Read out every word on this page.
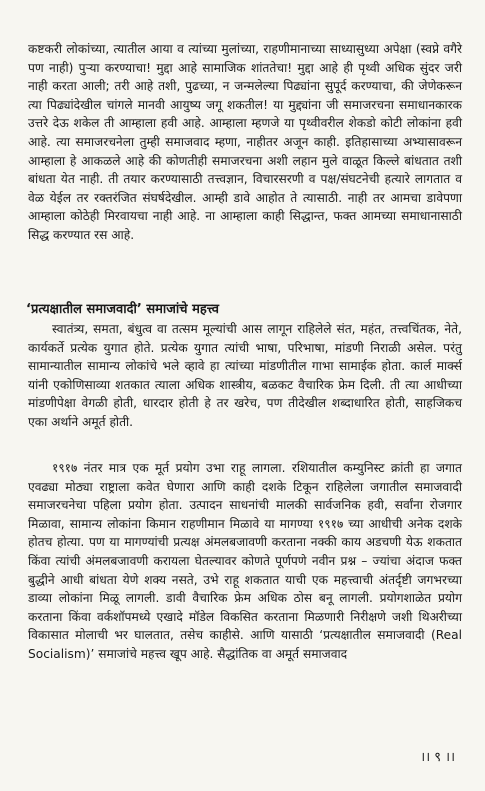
कष्टकरी लोकांच्या, त्यातील आया व त्यांच्या मुलांच्या, राहणीमानाच्या साध्यासुध्या अपेक्षा (स्वप्ने वगैरे पण नाही) पुऱ्या करण्याचा! मुद्दा आहे सामाजिक शांततेचा! मुद्दा आहे ही पृथ्वी अधिक सुंदर जरी नाही करता आली; तरी आहे तशी, पुढच्या, न जन्मलेल्या पिढ्यांना सुपूर्द करण्याचा, की जेणेकरून त्या पिढ्यांदेखील चांगले मानवी आयुष्य जगू शकतील! या मुद्द्यांना जी समाजरचना समाधानकारक उत्तरे देऊ शकेल ती आम्हाला हवी आहे. आम्हाला म्हणजे या पृथ्वीवरील शेकडो कोटी लोकांना हवी आहे. त्या समाजरचनेला तुम्ही समाजवाद म्हणा, नाहीतर अजून काही. इतिहासाच्या अभ्यासावरून आम्हाला हे आकळले आहे की कोणतीही समाजरचना अशी लहान मुले वाळूत किल्ले बांधतात तशी बांधता येत नाही. ती तयार करण्यासाठी तत्त्वज्ञान, विचारसरणी व पक्ष/संघटनेची हत्यारे लागतात व वेळ येईल तर रक्तरंजित संघर्षदेखील. आम्ही डावे आहोत ते त्यासाठी. नाही तर आमचा डावेपणा आम्हाला कोठेही मिरवायचा नाही आहे. ना आम्हाला काही सिद्धान्त, फक्त आमच्या समाधानासाठी सिद्ध करण्यात रस आहे.

‘प्रत्यक्षातील समाजवादी’ समाजांचे महत्त्व

स्वातंत्र्य, समता, बंधुत्व वा तत्सम मूल्यांची आस लागून राहिलेले संत, महंत, तत्त्वचिंतक, नेते, कार्यकर्ते प्रत्येक युगात होते. प्रत्येक युगात त्यांची भाषा, परिभाषा, मांडणी निराळी असेल. परंतु सामान्यातील सामान्य लोकांचे भले व्हावे हा त्यांच्या मांडणीतील गाभा सामाईक होता. कार्ल मार्क्स यांनी एकोणिसाव्या शतकात त्याला अधिक शास्त्रीय, बळकट वैचारिक फ्रेम दिली. ती त्या आधीच्या मांडणीपेक्षा वेगळी होती, धारदार होती हे तर खरेच, पण तीदेखील शब्दाधारित होती, साहजिकच एका अर्थाने अमूर्त होती.

१९१७ नंतर मात्र एक मूर्त प्रयोग उभा राहू लागला. रशियातील कम्युनिस्ट क्रांती हा जगात एवढ्या मोठ्या राष्ट्राला कवेत घेणारा आणि काही दशके टिकून राहिलेला जगातील समाजवादी समाजरचनेचा पहिला प्रयोग होता. उत्पादन साधनांची मालकी सार्वजनिक हवी, सर्वांना रोजगार मिळावा, सामान्य लोकांना किमान राहणीमान मिळावे या मागण्या १९१७ च्या आधीची अनेक दशके होतच होत्या. पण या मागण्यांची प्रत्यक्ष अंमलबजावणी करताना नक्की काय अडचणी येऊ शकतात किंवा त्यांची अंमलबजावणी करायला घेतल्यावर कोणते पूर्णपणे नवीन प्रश्न – ज्यांचा अंदाज फक्त बुद्धीने आधी बांधता येणे शक्य नसते, उभे राहू शकतात याची एक महत्त्वाची अंतर्दृष्टी जगभरच्या डाव्या लोकांना मिळू लागली. डावी वैचारिक फ्रेम अधिक ठोस बनू लागली. प्रयोगशाळेत प्रयोग करताना किंवा वर्कशॉपमध्ये एखादे मॉडेल विकसित करताना मिळणारी निरीक्षणे जशी थिअरीच्या विकासात मोलाची भर घालतात, तसेच काहीसे. आणि यासाठी ‘प्रत्यक्षातील समाजवादी (Real Socialism)’ समाजांचे महत्त्व खूप आहे. सैद्धांतिक वा अमूर्त समाजवाद

।। ९ ।।
